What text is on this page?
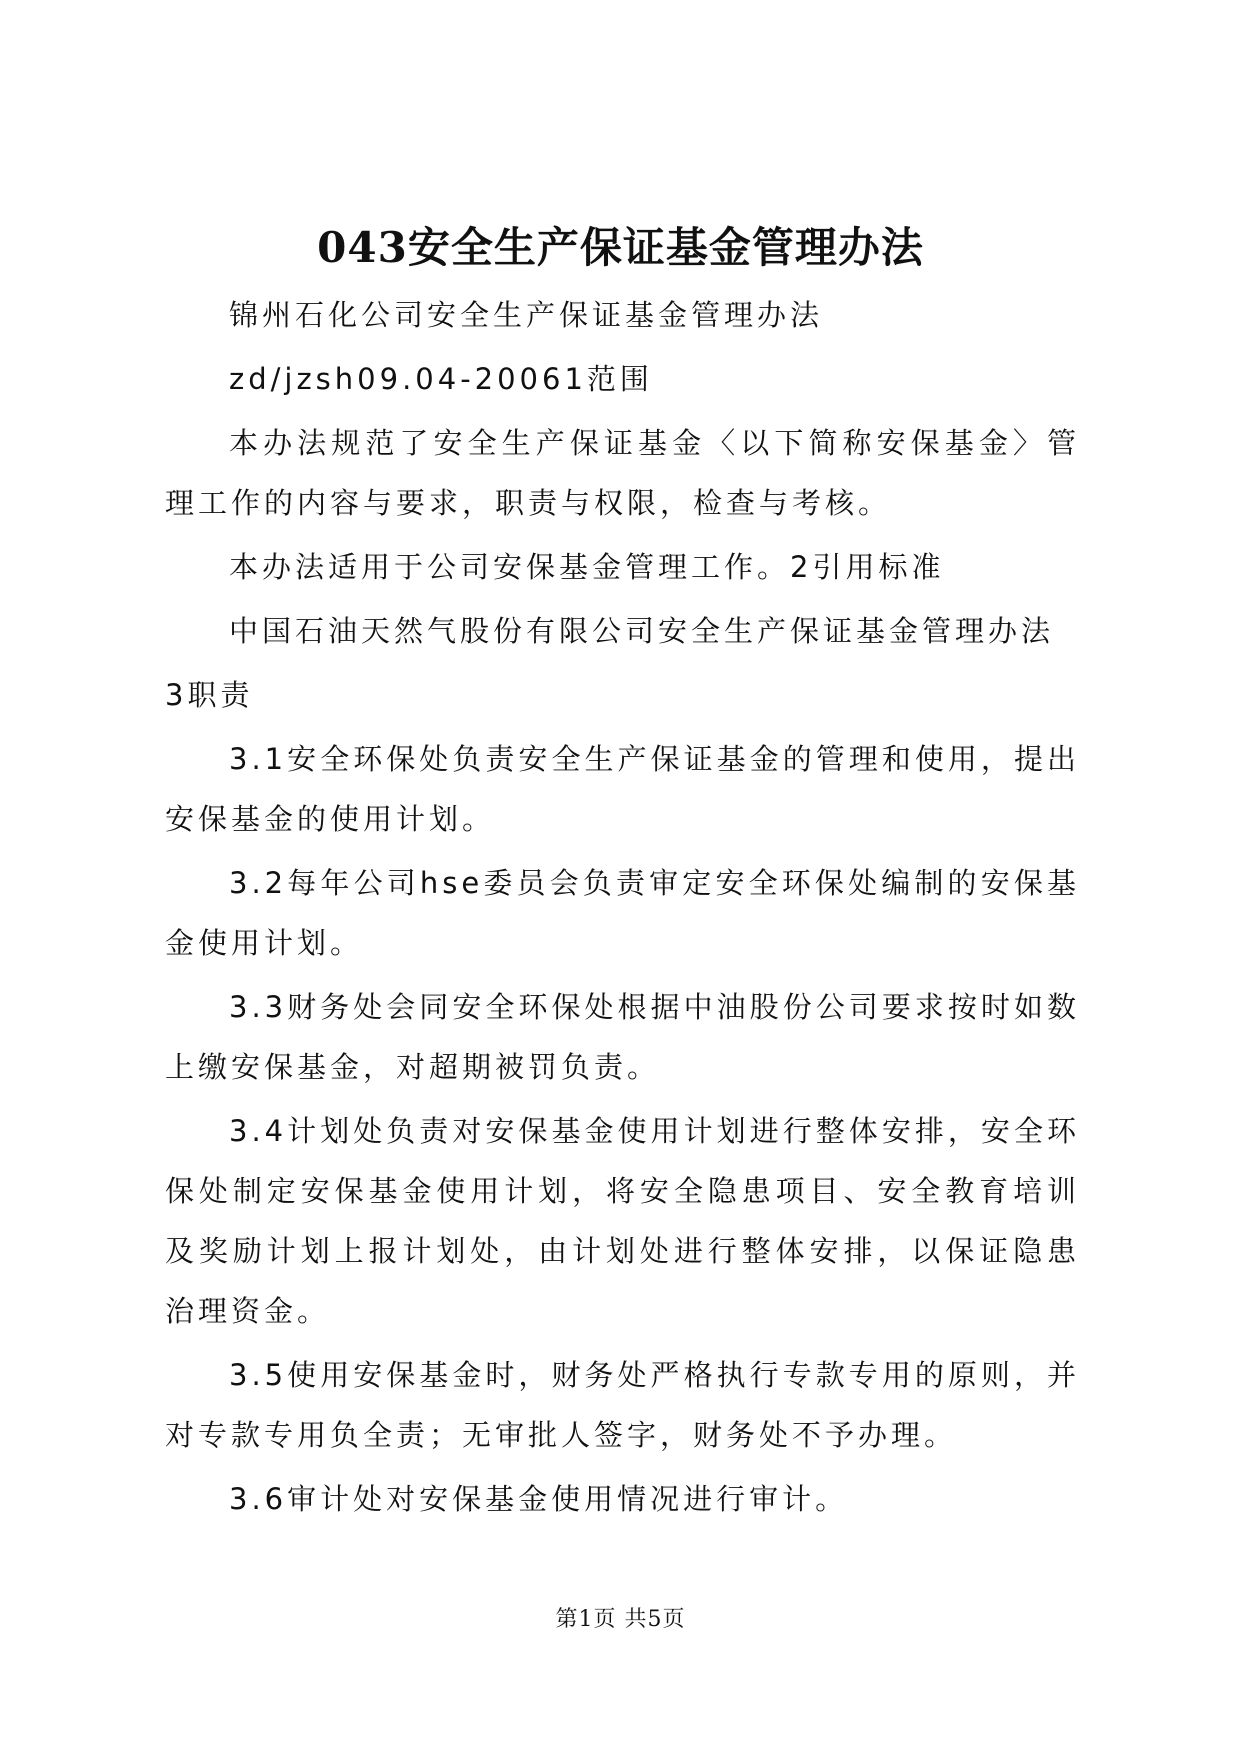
043安全生产保证基金管理办法

锦州石化公司安全生产保证基金管理办法

zd/jzsh09.04-20061范围

本办法规范了安全生产保证基金〈以下简称安保基金〉管理工作的内容与要求，职责与权限，检查与考核。

本办法适用于公司安保基金管理工作。2引用标准

中国石油天然气股份有限公司安全生产保证基金管理办法

3职责

3.1安全环保处负责安全生产保证基金的管理和使用，提出安保基金的使用计划。

3.2每年公司hse委员会负责审定安全环保处编制的安保基金使用计划。

3.3财务处会同安全环保处根据中油股份公司要求按时如数上缴安保基金，对超期被罚负责。

3.4计划处负责对安保基金使用计划进行整体安排，安全环保处制定安保基金使用计划，将安全隐患项目、安全教育培训及奖励计划上报计划处，由计划处进行整体安排，以保证隐患治理资金。

3.5使用安保基金时，财务处严格执行专款专用的原则，并对专款专用负全责；无审批人签字，财务处不予办理。

3.6审计处对安保基金使用情况进行审计。

第1页 共5页
